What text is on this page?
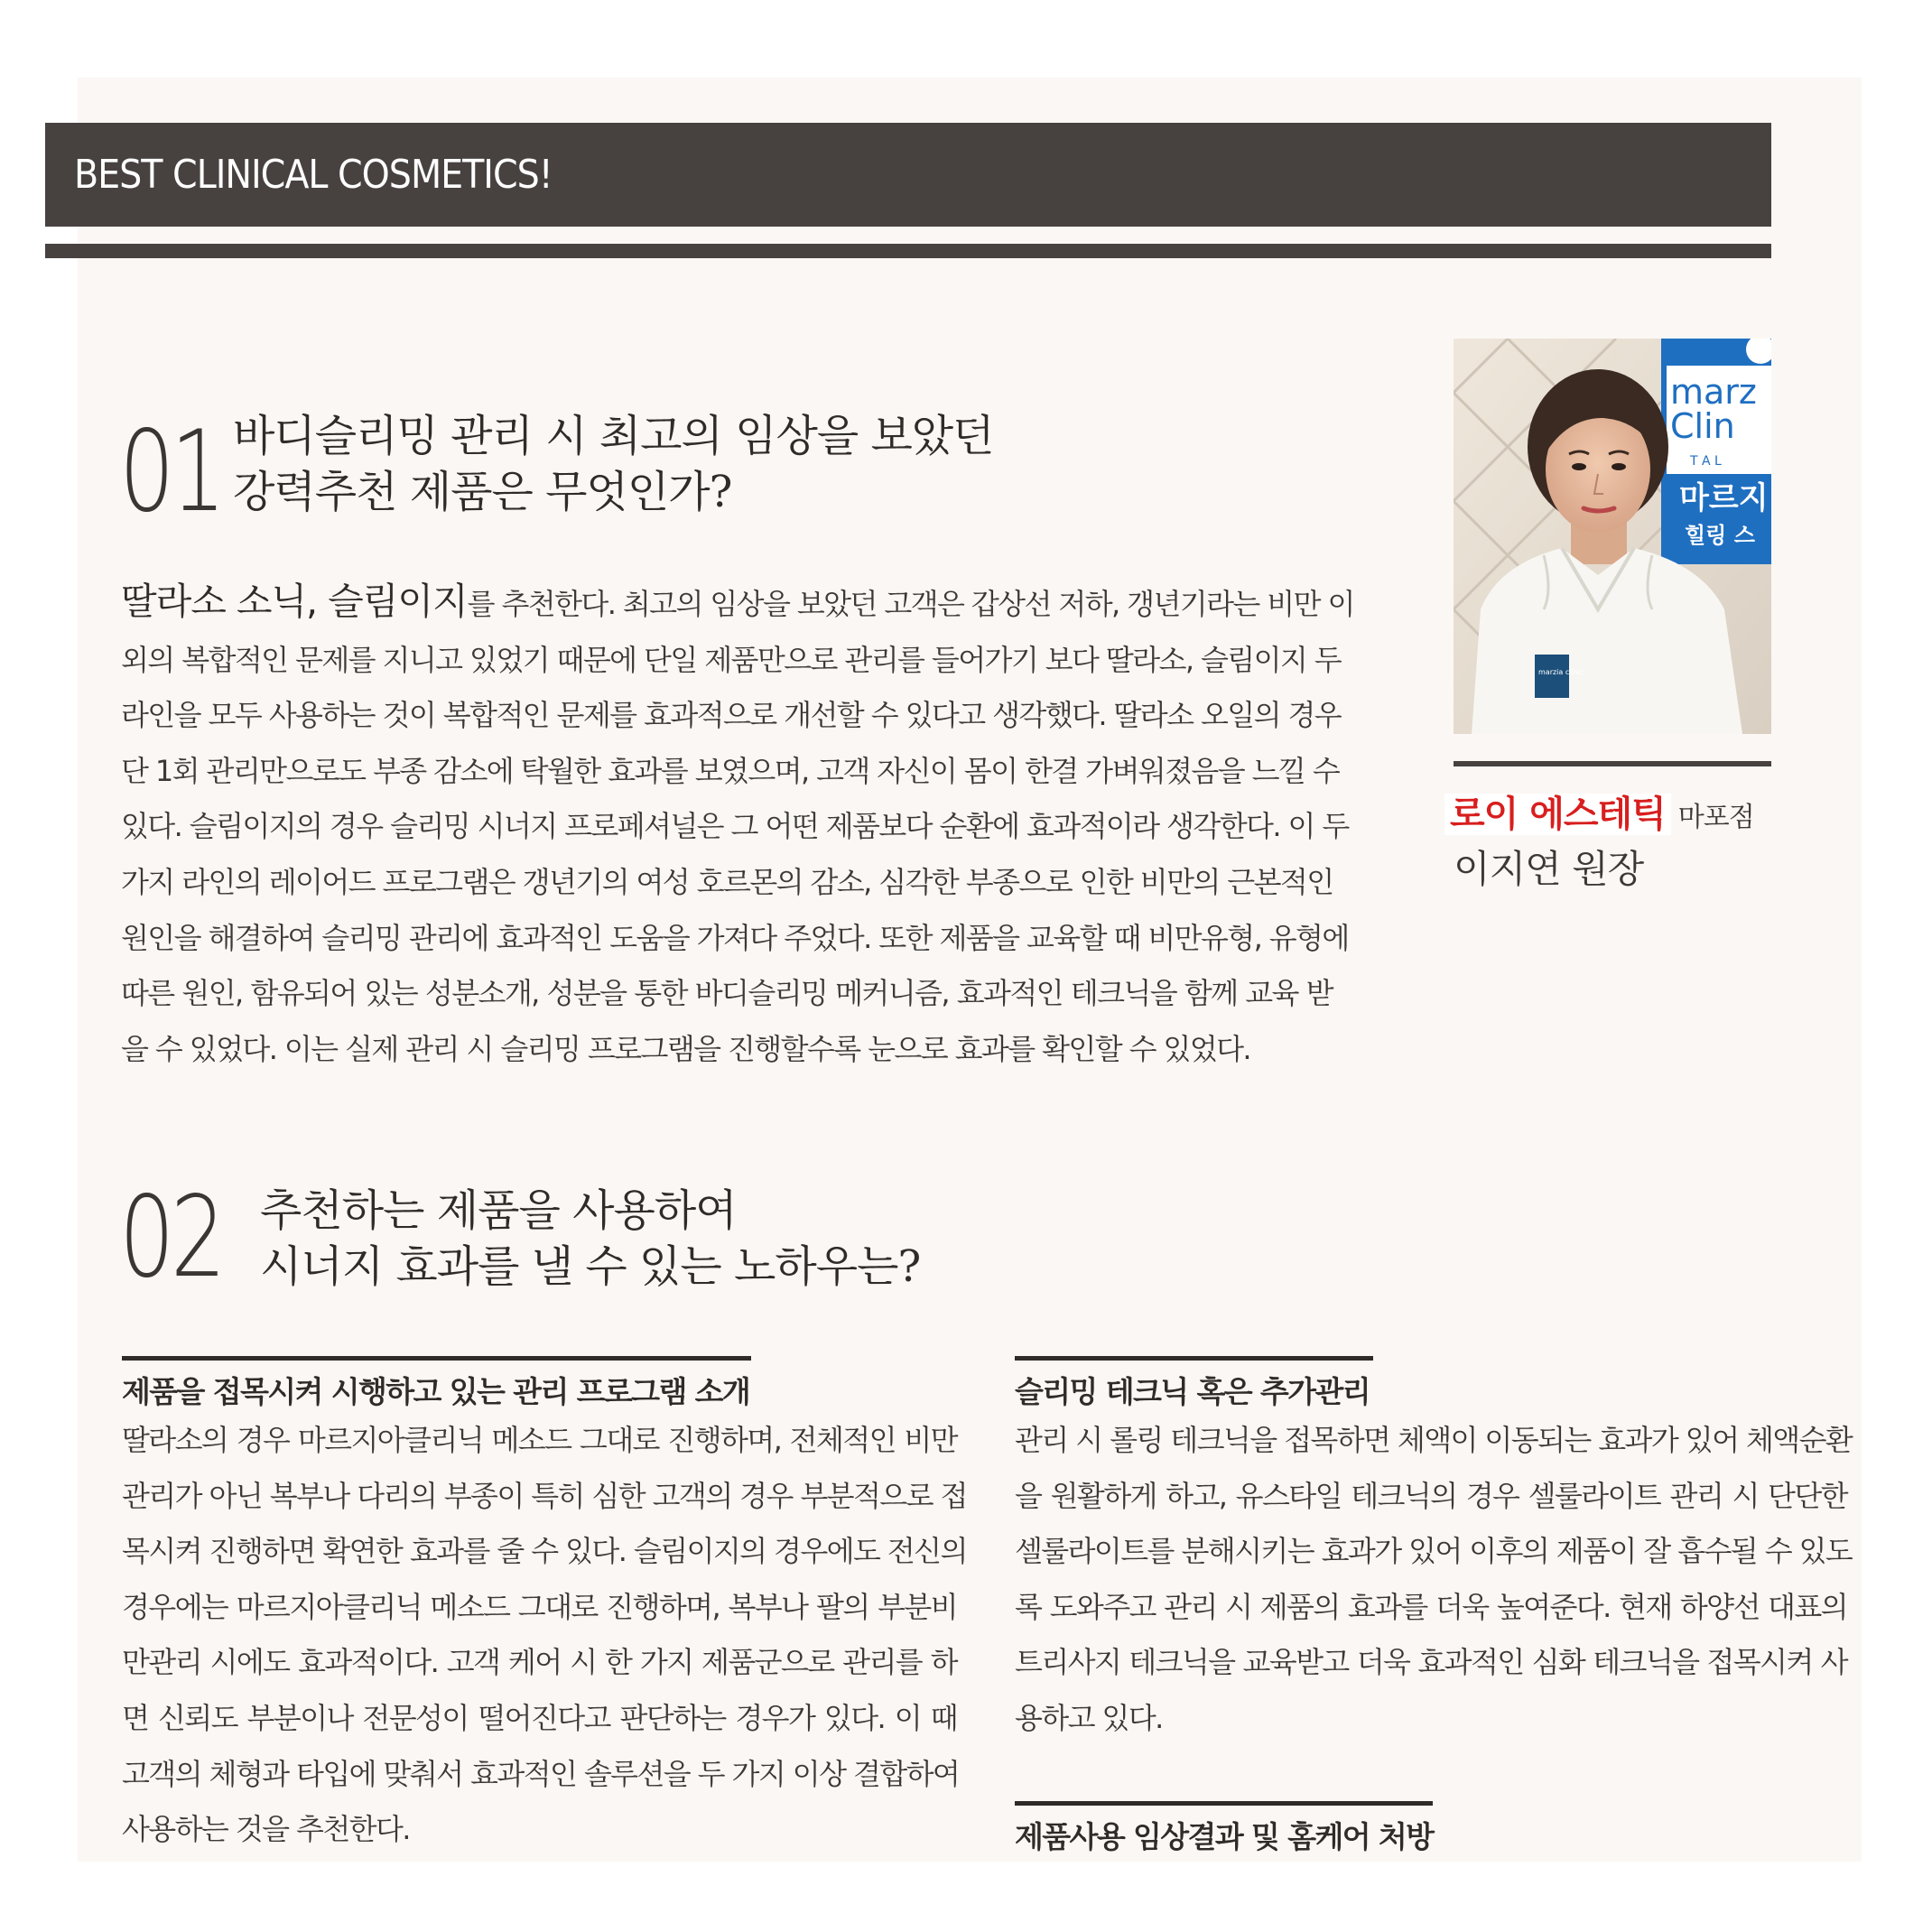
BEST CLINICAL COSMETICS!
01 바디슬리밍 관리 시 최고의 임상을 보았던
강력추천 제품은 무엇인가?
딸라소 소닉, 슬림이지를 추천한다. 최고의 임상을 보았던 고객은 갑상선 저하, 갱년기라는 비만 이
외의 복합적인 문제를 지니고 있었기 때문에 단일 제품만으로 관리를 들어가기 보다 딸라소, 슬림이지 두
라인을 모두 사용하는 것이 복합적인 문제를 효과적으로 개선할 수 있다고 생각했다. 딸라소 오일의 경우
단 1회 관리만으로도 부종 감소에 탁월한 효과를 보였으며, 고객 자신이 몸이 한결 가벼워졌음을 느낄 수
있다. 슬림이지의 경우 슬리밍 시너지 프로페셔널은 그 어떤 제품보다 순환에 효과적이라 생각한다. 이 두
가지 라인의 레이어드 프로그램은 갱년기의 여성 호르몬의 감소, 심각한 부종으로 인한 비만의 근본적인
원인을 해결하여 슬리밍 관리에 효과적인 도움을 가져다 주었다. 또한 제품을 교육할 때 비만유형, 유형에
따른 원인, 함유되어 있는 성분소개, 성분을 통한 바디슬리밍 메커니즘, 효과적인 테크닉을 함께 교육 받
을 수 있었다. 이는 실제 관리 시 슬리밍 프로그램을 진행할수록 눈으로 효과를 확인할 수 있었다.
marz
Clin
T A L
마르지
힐링 스
marzia clinic
로이 에스테틱 마포점
이지연 원장
02 추천하는 제품을 사용하여
시너지 효과를 낼 수 있는 노하우는?
제품을 접목시켜 시행하고 있는 관리 프로그램 소개
딸라소의 경우 마르지아클리닉 메소드 그대로 진행하며, 전체적인 비만
관리가 아닌 복부나 다리의 부종이 특히 심한 고객의 경우 부분적으로 접
목시켜 진행하면 확연한 효과를 줄 수 있다. 슬림이지의 경우에도 전신의
경우에는 마르지아클리닉 메소드 그대로 진행하며, 복부나 팔의 부분비
만관리 시에도 효과적이다. 고객 케어 시 한 가지 제품군으로 관리를 하
면 신뢰도 부분이나 전문성이 떨어진다고 판단하는 경우가 있다. 이 때
고객의 체형과 타입에 맞춰서 효과적인 솔루션을 두 가지 이상 결합하여
사용하는 것을 추천한다.
슬리밍 테크닉 혹은 추가관리
관리 시 롤링 테크닉을 접목하면 체액이 이동되는 효과가 있어 체액순환
을 원활하게 하고, 유스타일 테크닉의 경우 셀룰라이트 관리 시 단단한
셀룰라이트를 분해시키는 효과가 있어 이후의 제품이 잘 흡수될 수 있도
록 도와주고 관리 시 제품의 효과를 더욱 높여준다. 현재 하양선 대표의
트리사지 테크닉을 교육받고 더욱 효과적인 심화 테크닉을 접목시켜 사
용하고 있다.
제품사용 임상결과 및 홈케어 처방
